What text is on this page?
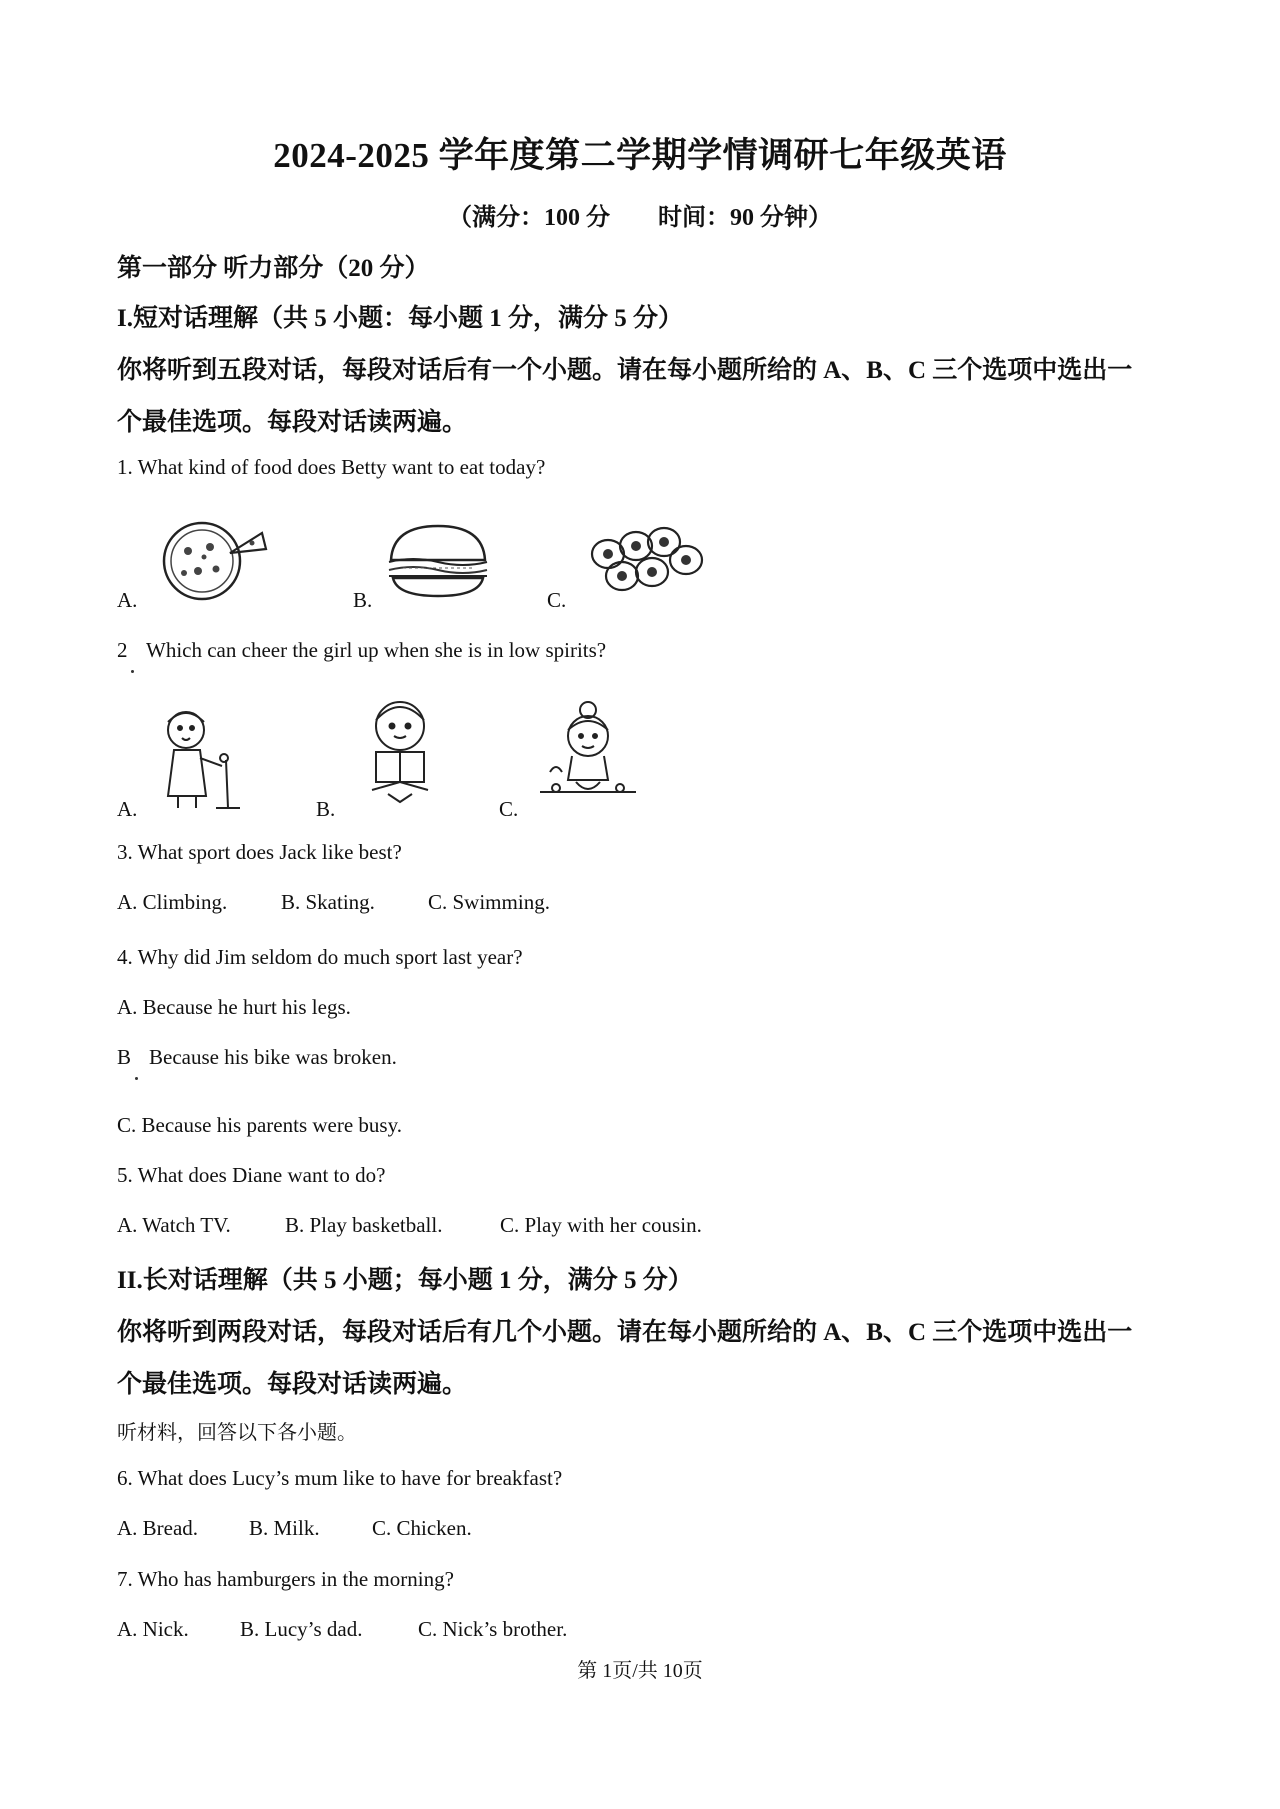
2024-2025 学年度第二学期学情调研七年级英语
（满分：100 分 时间：90 分钟）
第一部分 听力部分（20 分）
I.短对话理解（共 5 小题：每小题 1 分，满分 5 分）
你将听到五段对话，每段对话后有一个小题。请在每小题所给的 A、B、C 三个选项中选出一
个最佳选项。每段对话读两遍。
1. What kind of food does Betty want to eat today?
A.	B.	C.
2 Which can cheer the girl up when she is in low spirits?
A.	B.	C.
3. What sport does Jack like best?
A. Climbing.	B. Skating.	C. Swimming.
4. Why did Jim seldom do much sport last year?
A. Because he hurt his legs.
B Because his bike was broken.
C. Because his parents were busy.
5. What does Diane want to do?
A. Watch TV.	B. Play basketball.	C. Play with her cousin.
II.长对话理解（共 5 小题；每小题 1 分，满分 5 分）
你将听到两段对话，每段对话后有几个小题。请在每小题所给的 A、B、C 三个选项中选出一
个最佳选项。每段对话读两遍。
听材料，回答以下各小题。
6. What does Lucy’s mum like to have for breakfast?
A. Bread. B. Milk. C. Chicken.
7. Who has hamburgers in the morning?
A. Nick. B. Lucy’s dad.	C. Nick’s brother.
第 1页/共 10页
